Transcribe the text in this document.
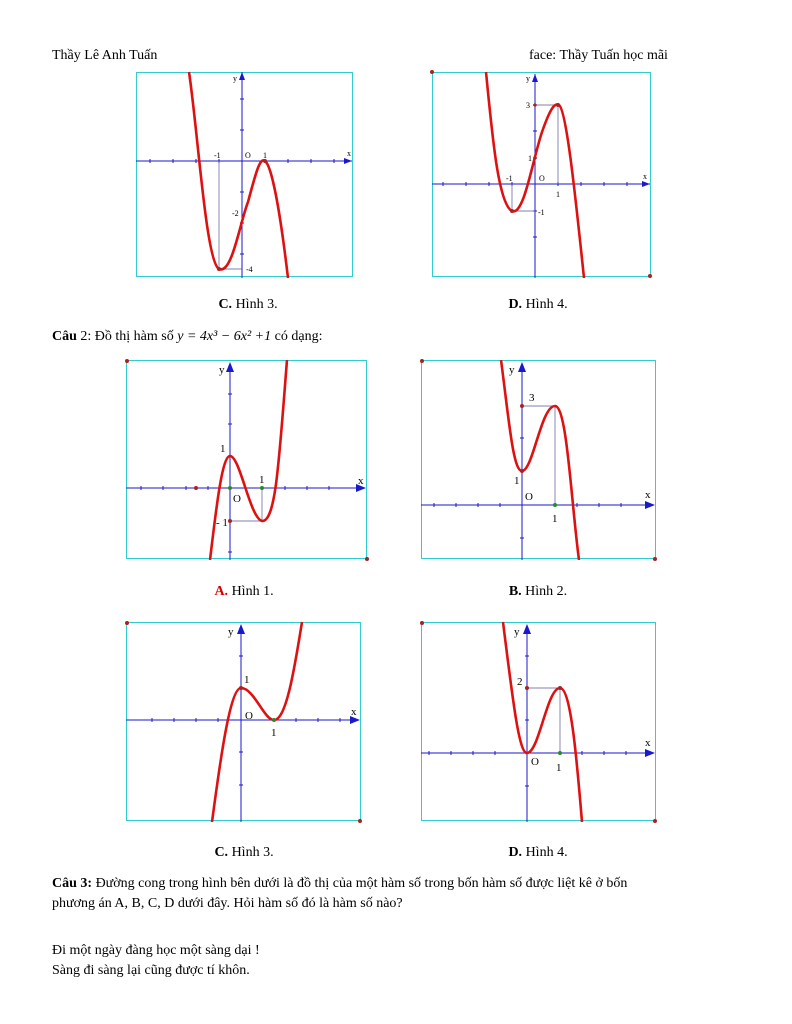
Thầy Lê Anh Tuấn	face: Thầy Tuấn học mãi
x
y
O
-1	1
-2
-4
x
y
O
-1
3
1
1
-1
C. Hình 3.	D. Hình 4.
Câu 2: Đồ thị hàm số y = 4x³ − 6x² +1 có dạng:
x
y
O
1
1
- 1
x
y
O
3
1
1
A. Hình 1.	B. Hình 2.
x
y
O
1
1
x
y
O
2
1
C. Hình 3.	D. Hình 4.
Câu 3: Đường cong trong hình bên dưới là đồ thị của một hàm số trong bốn hàm số được liệt kê ở bốn
phương án A, B, C, D dưới đây. Hỏi hàm số đó là hàm số nào?
Đi một ngày đàng học một sàng dại !
Sàng đi sàng lại cũng được tí khôn.
